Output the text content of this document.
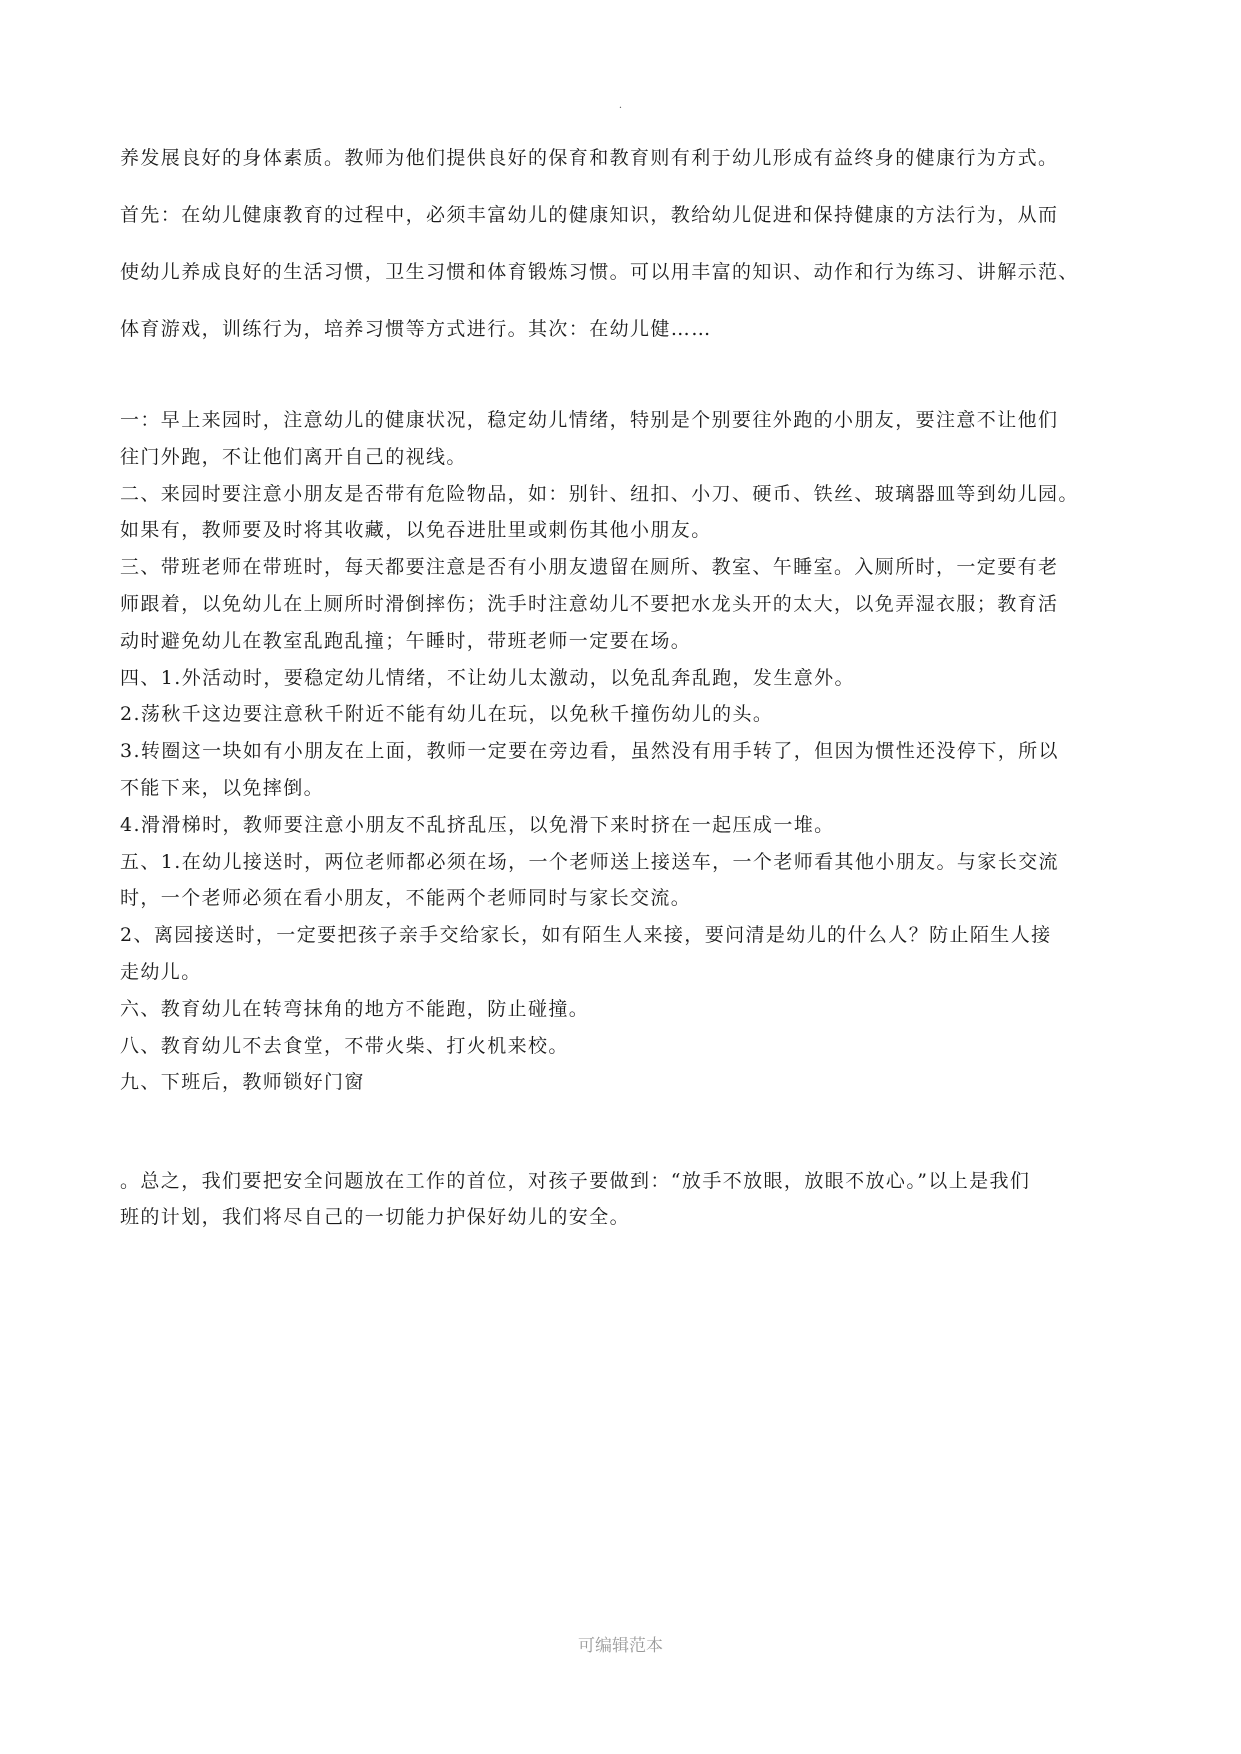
.
养发展良好的身体素质。教师为他们提供良好的保育和教育则有利于幼儿形成有益终身的健康行为方式。
首先：在幼儿健康教育的过程中，必须丰富幼儿的健康知识，教给幼儿促进和保持健康的方法行为，从而
使幼儿养成良好的生活习惯，卫生习惯和体育锻炼习惯。可以用丰富的知识、动作和行为练习、讲解示范、
体育游戏，训练行为，培养习惯等方式进行。其次：在幼儿健……
一：早上来园时，注意幼儿的健康状况，稳定幼儿情绪，特别是个别要往外跑的小朋友，要注意不让他们
往门外跑，不让他们离开自己的视线。
二、来园时要注意小朋友是否带有危险物品，如：别针、纽扣、小刀、硬币、铁丝、玻璃器皿等到幼儿园。
如果有，教师要及时将其收藏，以免吞进肚里或刺伤其他小朋友。
三、带班老师在带班时，每天都要注意是否有小朋友遗留在厕所、教室、午睡室。入厕所时，一定要有老
师跟着，以免幼儿在上厕所时滑倒摔伤；洗手时注意幼儿不要把水龙头开的太大，以免弄湿衣服；教育活
动时避免幼儿在教室乱跑乱撞；午睡时，带班老师一定要在场。
四、1.外活动时，要稳定幼儿情绪，不让幼儿太激动，以免乱奔乱跑，发生意外。
2.荡秋千这边要注意秋千附近不能有幼儿在玩，以免秋千撞伤幼儿的头。
3.转圈这一块如有小朋友在上面，教师一定要在旁边看，虽然没有用手转了，但因为惯性还没停下，所以
不能下来，以免摔倒。
4.滑滑梯时，教师要注意小朋友不乱挤乱压，以免滑下来时挤在一起压成一堆。
五、1.在幼儿接送时，两位老师都必须在场，一个老师送上接送车，一个老师看其他小朋友。与家长交流
时，一个老师必须在看小朋友，不能两个老师同时与家长交流。
2、离园接送时，一定要把孩子亲手交给家长，如有陌生人来接，要问清是幼儿的什么人？防止陌生人接
走幼儿。
六、教育幼儿在转弯抹角的地方不能跑，防止碰撞。
八、教育幼儿不去食堂，不带火柴、打火机来校。
九、下班后，教师锁好门窗
。总之，我们要把安全问题放在工作的首位，对孩子要做到：“放手不放眼，放眼不放心。”以上是我们
班的计划，我们将尽自己的一切能力护保好幼儿的安全。
可编辑范本
